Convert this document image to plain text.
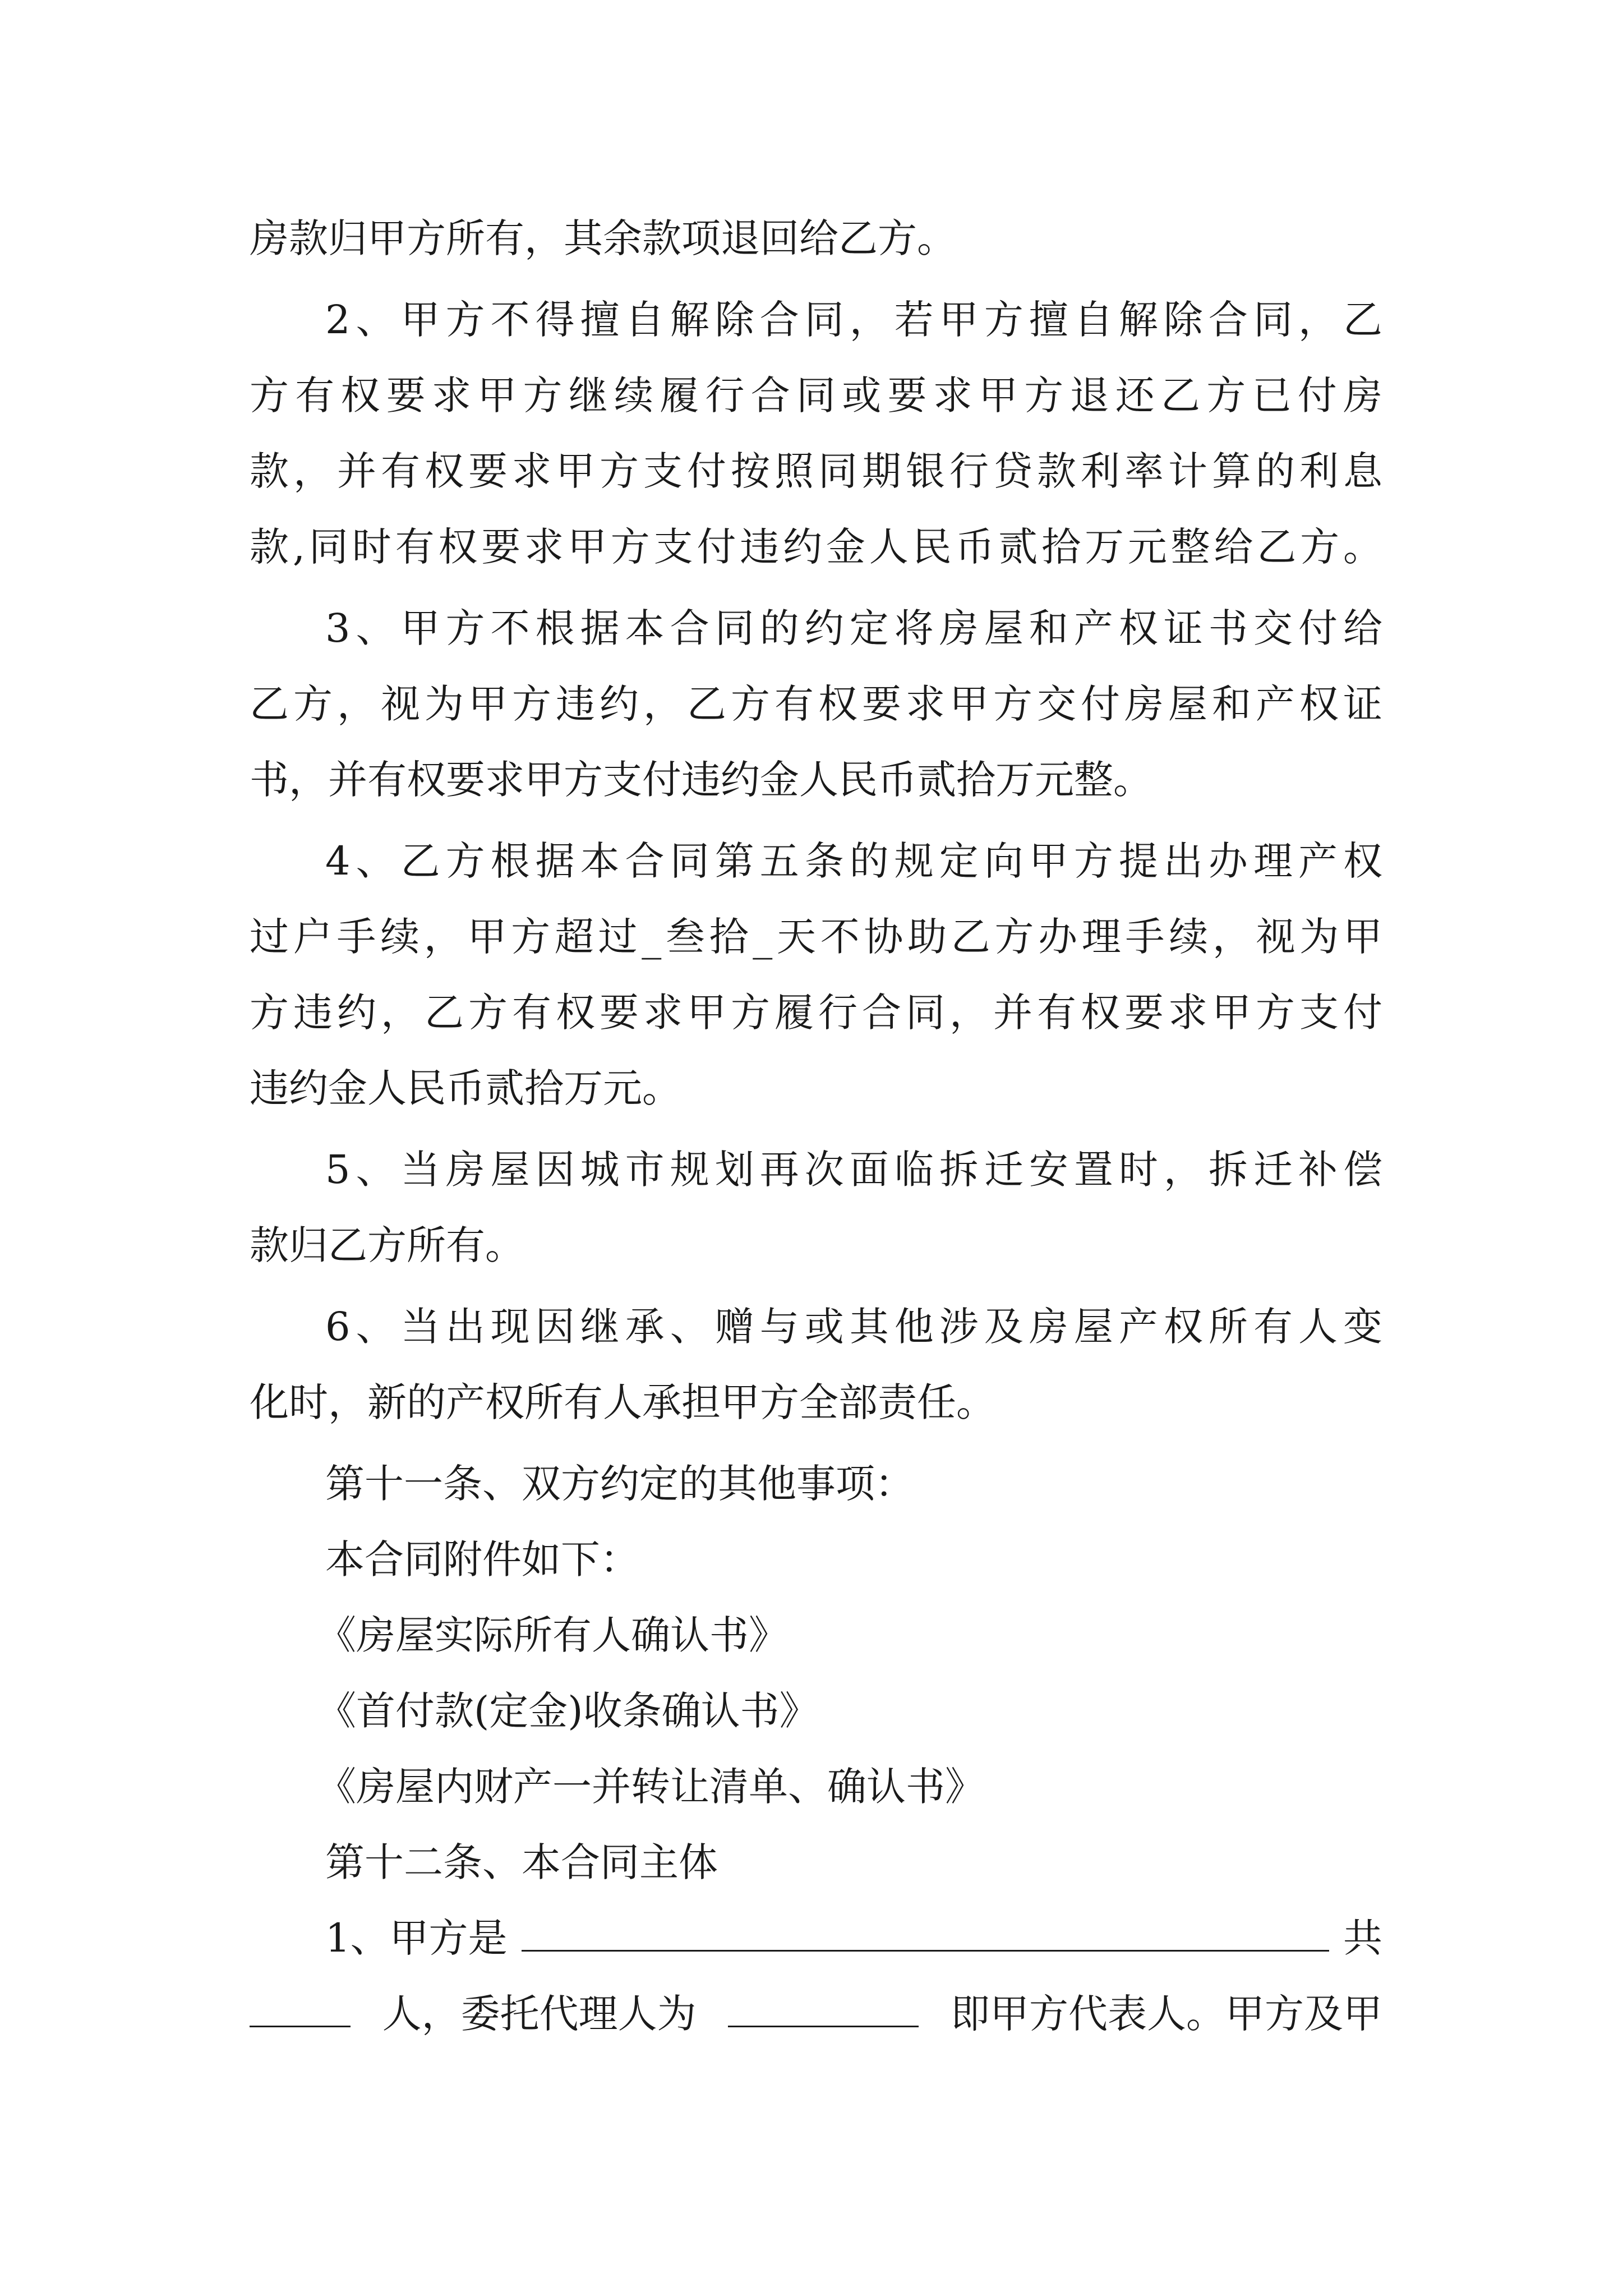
房款归甲方所有，其余款项退回给乙方。
2、甲方不得擅自解除合同，若甲方擅自解除合同，乙
方有权要求甲方继续履行合同或要求甲方退还乙方已付房
款，并有权要求甲方支付按照同期银行贷款利率计算的利息
款,同时有权要求甲方支付违约金人民币贰拾万元整给乙方。
3、甲方不根据本合同的约定将房屋和产权证书交付给
乙方，视为甲方违约，乙方有权要求甲方交付房屋和产权证
书，并有权要求甲方支付违约金人民币贰拾万元整。
4、乙方根据本合同第五条的规定向甲方提出办理产权
过户手续，甲方超过_叁拾_天不协助乙方办理手续，视为甲
方违约，乙方有权要求甲方履行合同，并有权要求甲方支付
违约金人民币贰拾万元。
5、当房屋因城市规划再次面临拆迁安置时，拆迁补偿
款归乙方所有。
6、当出现因继承、赠与或其他涉及房屋产权所有人变
化时，新的产权所有人承担甲方全部责任。
第十一条、双方约定的其他事项：
本合同附件如下：
《房屋实际所有人确认书》
《首付款(定金)收条确认书》
《房屋内财产一并转让清单、确认书》
第十二条、本合同主体
1、甲方是	共
人，委托代理人为	即甲方代表人。甲方及甲
